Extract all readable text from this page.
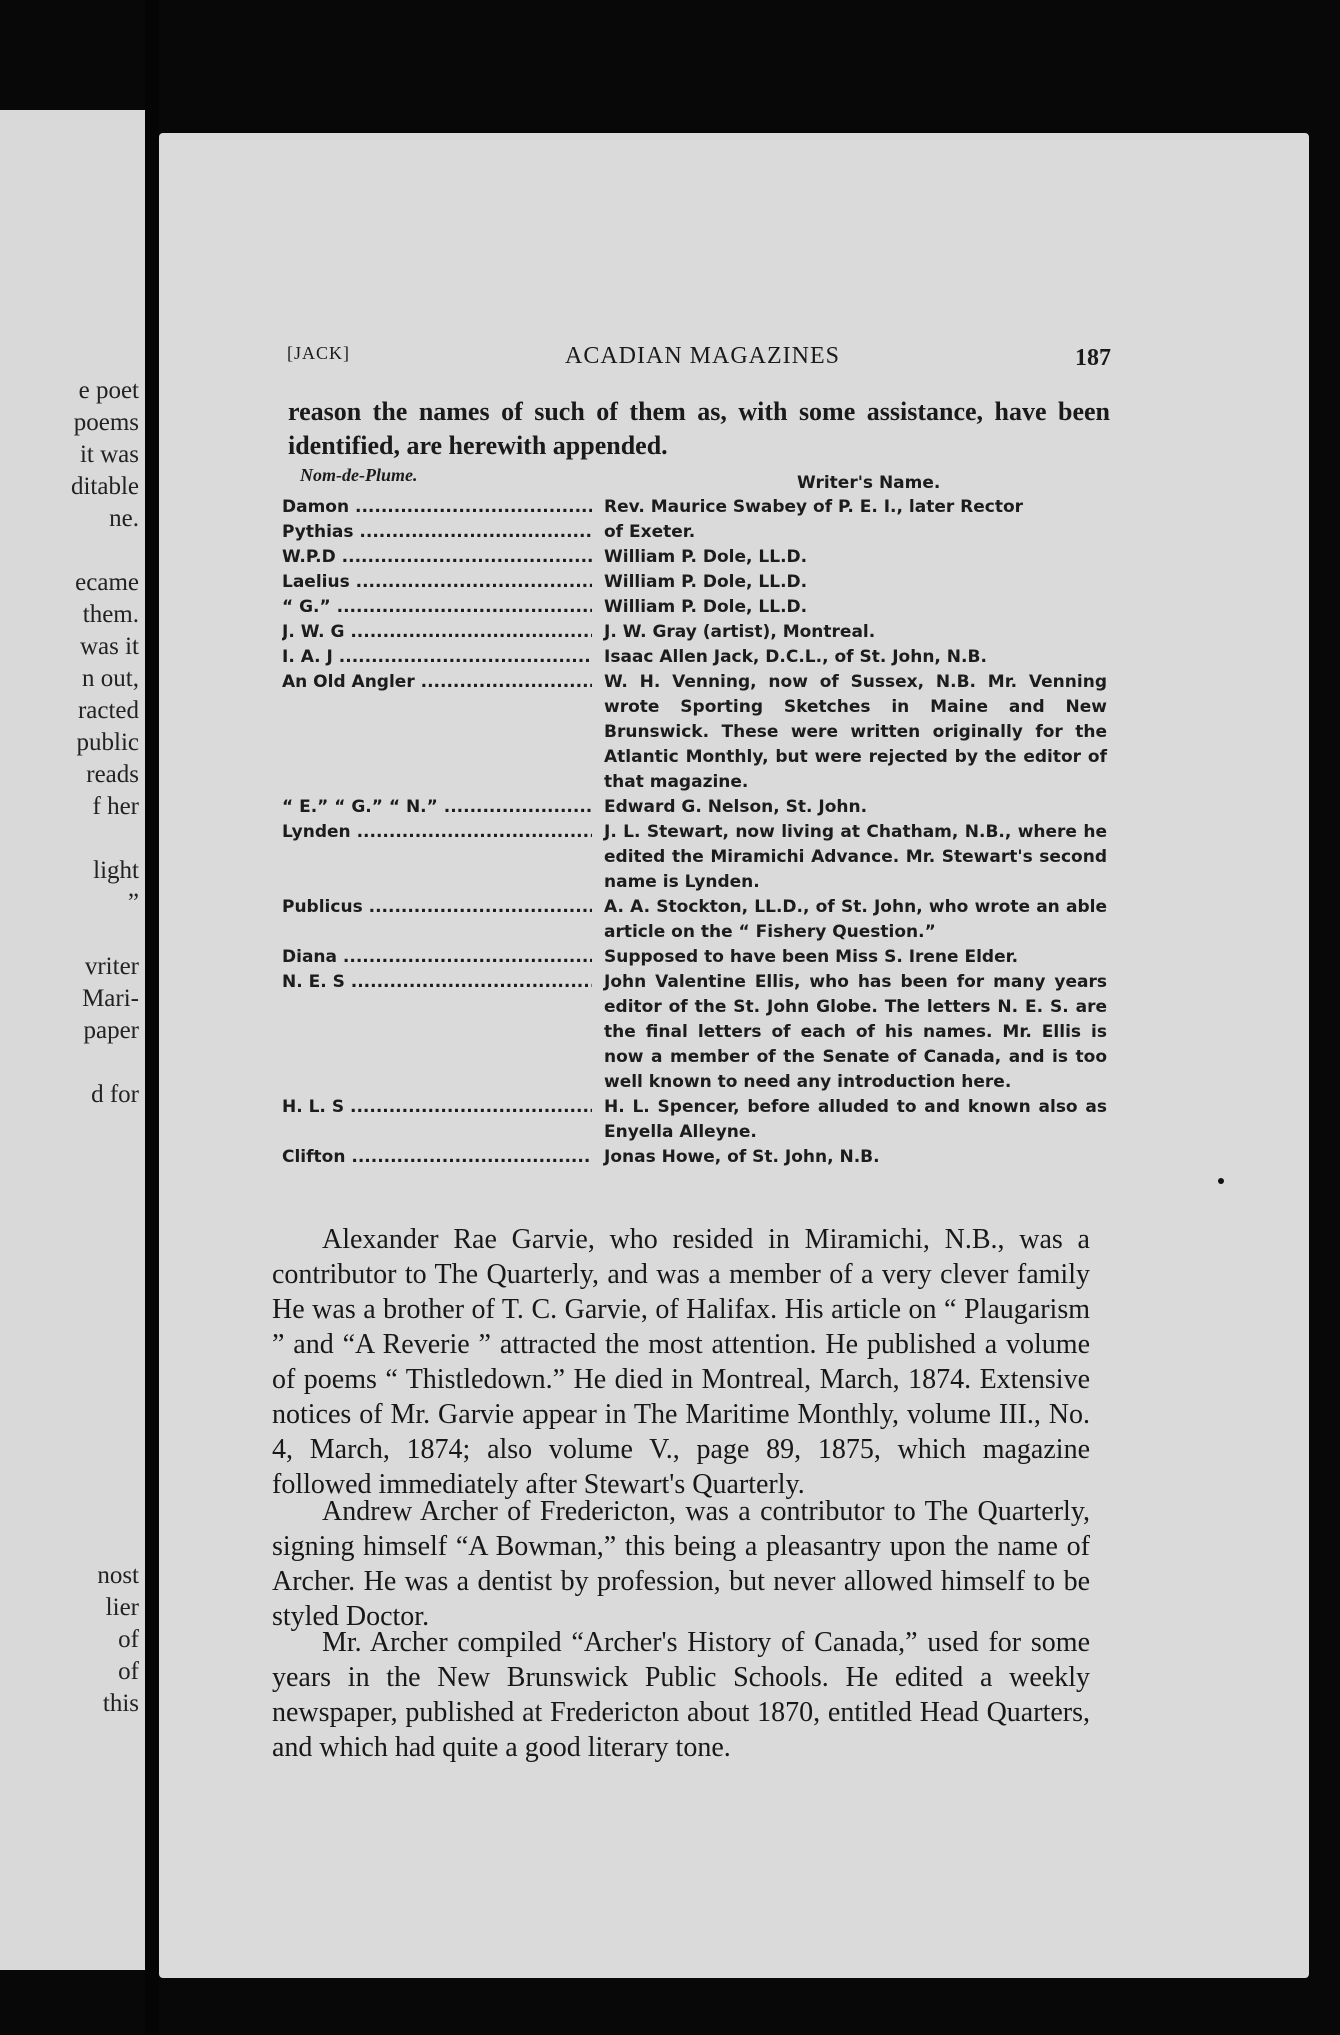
e poet
poems
it was
ditable
ne.

ecame
them.
was it
n out,
racted
public
reads
f her

light
”

vriter
Mari-
paper

d for
nost
lier
of
of
this
[JACK]	ACADIAN MAGAZINES	187
reason the names of such of them as, with some assistance, have been identified, are herewith appended.
Nom-de-Plume.	Writer's Name.
Damon .....	Rev. Maurice Swabey of P. E. I., later Rector
Pythias .....	of Exeter.
W.P.D .....	William P. Dole, LL.D.
Laelius .....	William P. Dole, LL.D.
“ G.” .....	William P. Dole, LL.D.
J. W. G .....	J. W. Gray (artist), Montreal.
I. A. J .....	Isaac Allen Jack, D.C.L., of St. John, N.B.
An Old Angler .....	W. H. Venning, now of Sussex, N.B. Mr. Venning wrote Sporting Sketches in Maine and New Brunswick. These were written originally for the Atlantic Monthly, but were rejected by the editor of that magazine.
“ E.” “ G.” “ N.” .....	Edward G. Nelson, St. John.
Lynden .....	J. L. Stewart, now living at Chatham, N.B., where he edited the Miramichi Advance. Mr. Stewart's second name is Lynden.
Publicus .....	A. A. Stockton, LL.D., of St. John, who wrote an able article on the “ Fishery Question.”
Diana .....	Supposed to have been Miss S. Irene Elder.
N. E. S .....	John Valentine Ellis, who has been for many years editor of the St. John Globe. The letters N. E. S. are the final letters of each of his names. Mr. Ellis is now a member of the Senate of Canada, and is too well known to need any introduction here.
H. L. S .....	H. L. Spencer, before alluded to and known also as Enyella Alleyne.
Clifton .....	Jonas Howe, of St. John, N.B.
Alexander Rae Garvie, who resided in Miramichi, N.B., was a contributor to The Quarterly, and was a member of a very clever family He was a brother of T. C. Garvie, of Halifax. His article on “ Plaugarism ” and “A Reverie ” attracted the most attention. He published a volume of poems “ Thistledown.” He died in Montreal, March, 1874. Extensive notices of Mr. Garvie appear in The Maritime Monthly, volume III., No. 4, March, 1874; also volume V., page 89, 1875, which magazine followed immediately after Stewart's Quarterly.
Andrew Archer of Fredericton, was a contributor to The Quarterly, signing himself “A Bowman,” this being a pleasantry upon the name of Archer. He was a dentist by profession, but never allowed himself to be styled Doctor.
Mr. Archer compiled “Archer's History of Canada,” used for some years in the New Brunswick Public Schools. He edited a weekly newspaper, published at Fredericton about 1870, entitled Head Quarters, and which had quite a good literary tone.
